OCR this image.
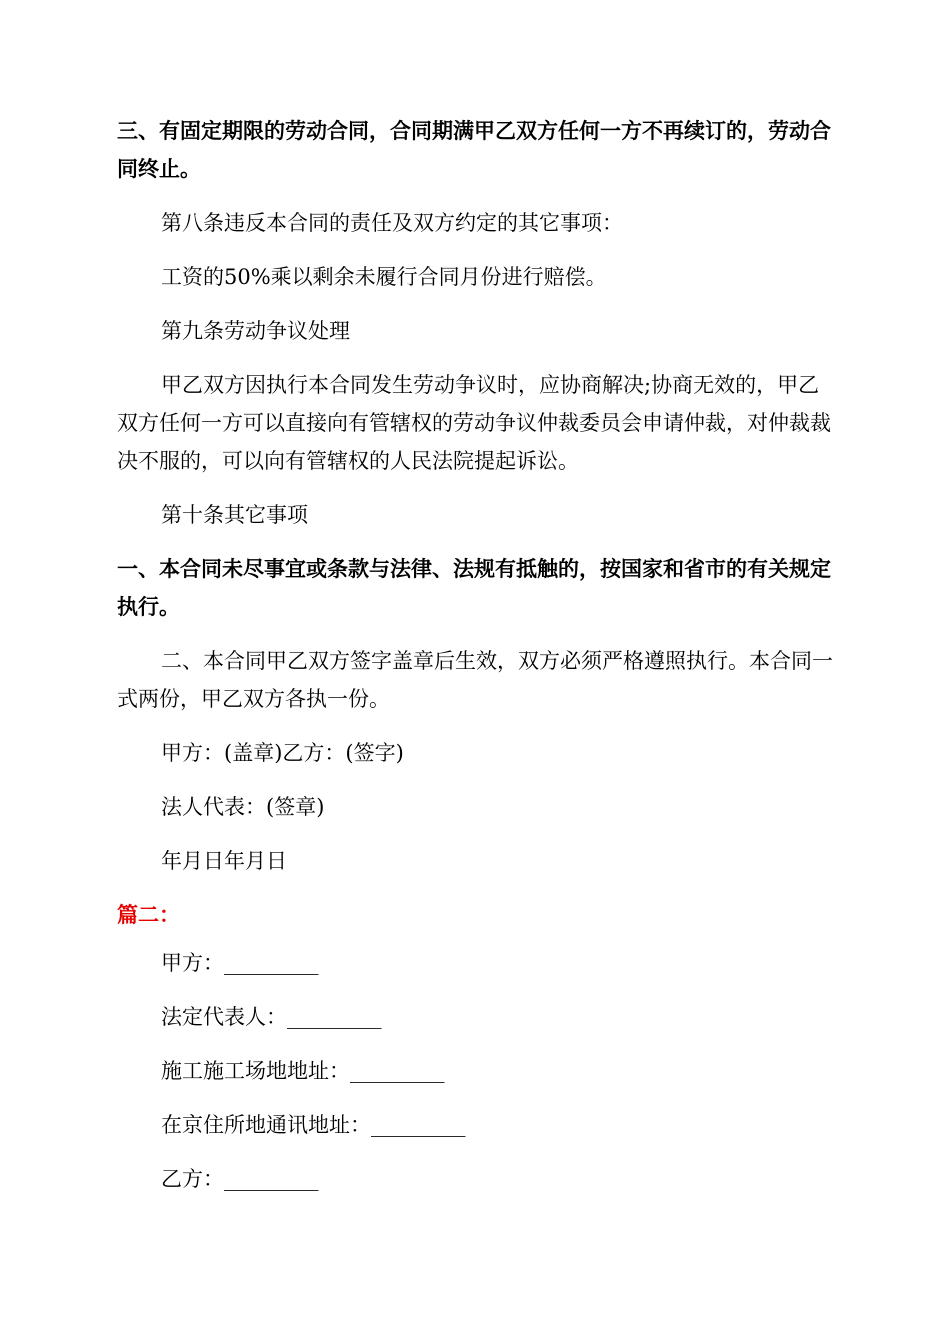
三、有固定期限的劳动合同，合同期满甲乙双方任何一方不再续订的，劳动合同终止。

第八条违反本合同的责任及双方约定的其它事项：

工资的50%乘以剩余未履行合同月份进行赔偿。

第九条劳动争议处理

甲乙双方因执行本合同发生劳动争议时，应协商解决;协商无效的，甲乙双方任何一方可以直接向有管辖权的劳动争议仲裁委员会申请仲裁，对仲裁裁决不服的，可以向有管辖权的人民法院提起诉讼。

第十条其它事项

一、本合同未尽事宜或条款与法律、法规有抵触的，按国家和省市的有关规定执行。

二、本合同甲乙双方签字盖章后生效，双方必须严格遵照执行。本合同一式两份，甲乙双方各执一份。

甲方：(盖章)乙方：(签字)

法人代表：(签章)

年月日年月日

篇二：

甲方：_________

法定代表人：_________

施工施工场地地址：_________

在京住所地通讯地址：_________

乙方：_________
